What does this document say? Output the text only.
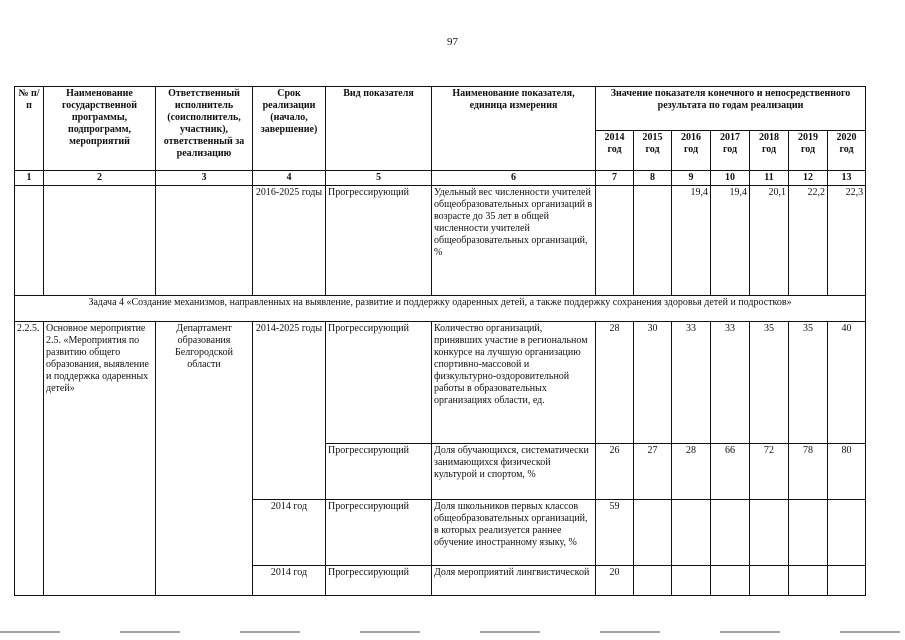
97
№ п/п	Наименование государственной программы, подпрограмм, мероприятий	Ответственный исполнитель (соисполнитель, участник), ответственный за реализацию	Срок реализации (начало, завершение)	Вид показателя	Наименование показателя, единица измерения	Значение показателя конечного и непосредственного результата по годам реализации						
						2014 год	2015 год	2016 год	2017 год	2018 год	2019 год	2020 год
1	2	3	4	5	6	7	8	9	10	11	12	13
			2016-2025 годы	Прогрессирующий	Удельный вес численности учителей общеобразовательных организаций в возрасте до 35 лет в общей численности учителей общеобразовательных организаций, %			19,4	19,4	20,1	22,2	22,3
Задача 4 «Создание механизмов, направленных на выявление, развитие и поддержку одаренных детей, а также поддержку сохранения здоровья детей и подростков»												
2.2.5.	Основное мероприятие 2.5. «Мероприятия по развитию общего образования, выявление и поддержка одаренных детей»	Департамент образования Белгородской области	2014-2025 годы	Прогрессирующий	Количество организаций, принявших участие в региональном конкурсе на лучшую организацию спортивно-массовой и физкультурно-оздоровительной работы в образовательных организациях области, ед.	28	30	33	33	35	35	40
				Прогрессирующий	Доля обучающихся, систематически занимающихся физической культурой и спортом, %	26	27	28	66	72	78	80
			2014 год	Прогрессирующий	Доля школьников первых классов общеобразовательных организаций, в которых реализуется раннее обучение иностранному языку, %	59						
			2014 год	Прогрессирующий	Доля мероприятий лингвистической	20						
